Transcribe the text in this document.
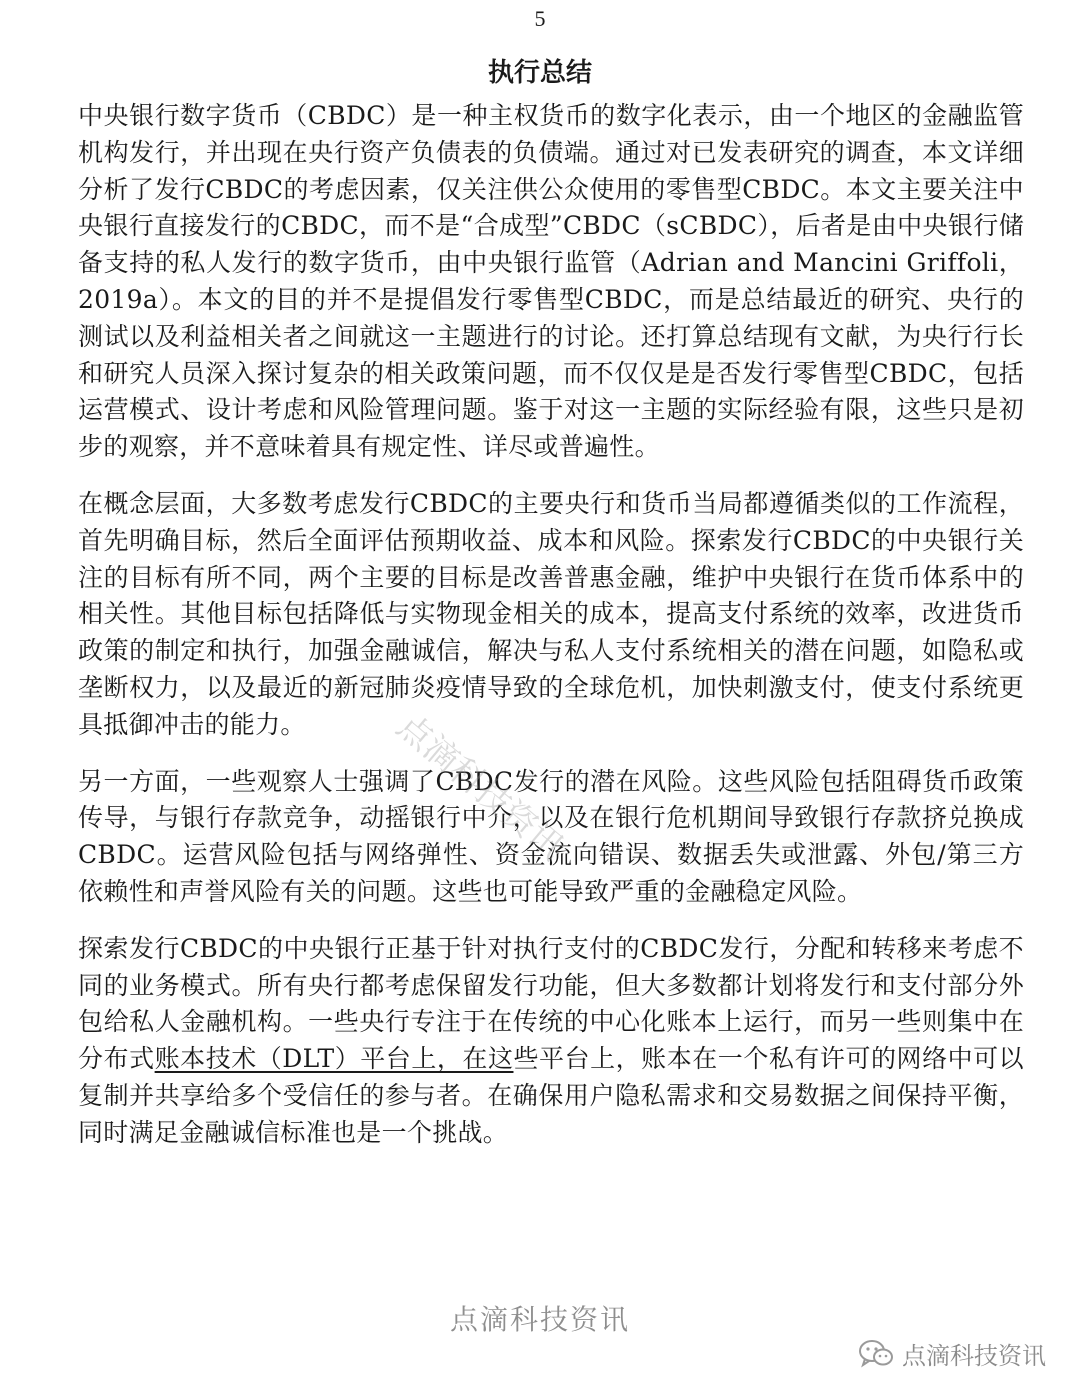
5
执行总结

中央银行数字货币（CBDC）是一种主权货币的数字化表示，由一个地区的金融监管机构发行，并出现在央行资产负债表的负债端。通过对已发表研究的调查，本文详细分析了发行CBDC的考虑因素，仅关注供公众使用的零售型CBDC。本文主要关注中央银行直接发行的CBDC，而不是“合成型”CBDC（sCBDC），后者是由中央银行储备支持的私人发行的数字货币，由中央银行监管（Adrian and Mancini Griffoli，2019a）。本文的目的并不是提倡发行零售型CBDC，而是总结最近的研究、央行的测试以及利益相关者之间就这一主题进行的讨论。还打算总结现有文献，为央行行长和研究人员深入探讨复杂的相关政策问题，而不仅仅是是否发行零售型CBDC，包括运营模式、设计考虑和风险管理问题。鉴于对这一主题的实际经验有限，这些只是初步的观察，并不意味着具有规定性、详尽或普遍性。

在概念层面，大多数考虑发行CBDC的主要央行和货币当局都遵循类似的工作流程，首先明确目标，然后全面评估预期收益、成本和风险。探索发行CBDC的中央银行关注的目标有所不同，两个主要的目标是改善普惠金融，维护中央银行在货币体系中的相关性。其他目标包括降低与实物现金相关的成本，提高支付系统的效率，改进货币政策的制定和执行，加强金融诚信，解决与私人支付系统相关的潜在问题，如隐私或垄断权力，以及最近的新冠肺炎疫情导致的全球危机，加快刺激支付，使支付系统更具抵御冲击的能力。

另一方面，一些观察人士强调了CBDC发行的潜在风险。这些风险包括阻碍货币政策传导，与银行存款竞争，动摇银行中介，以及在银行危机期间导致银行存款挤兑换成CBDC。运营风险包括与网络弹性、资金流向错误、数据丢失或泄露、外包/第三方依赖性和声誉风险有关的问题。这些也可能导致严重的金融稳定风险。

探索发行CBDC的中央银行正基于针对执行支付的CBDC发行，分配和转移来考虑不同的业务模式。所有央行都考虑保留发行功能，但大多数都计划将发行和支付部分外包给私人金融机构。一些央行专注于在传统的中心化账本上运行，而另一些则集中在分布式账本技术（DLT）平台上，在这些平台上，账本在一个私有许可的网络中可以复制并共享给多个受信任的参与者。在确保用户隐私需求和交易数据之间保持平衡，同时满足金融诚信标准也是一个挑战。

点滴科技资讯
点滴科技资讯
点滴科技资讯
